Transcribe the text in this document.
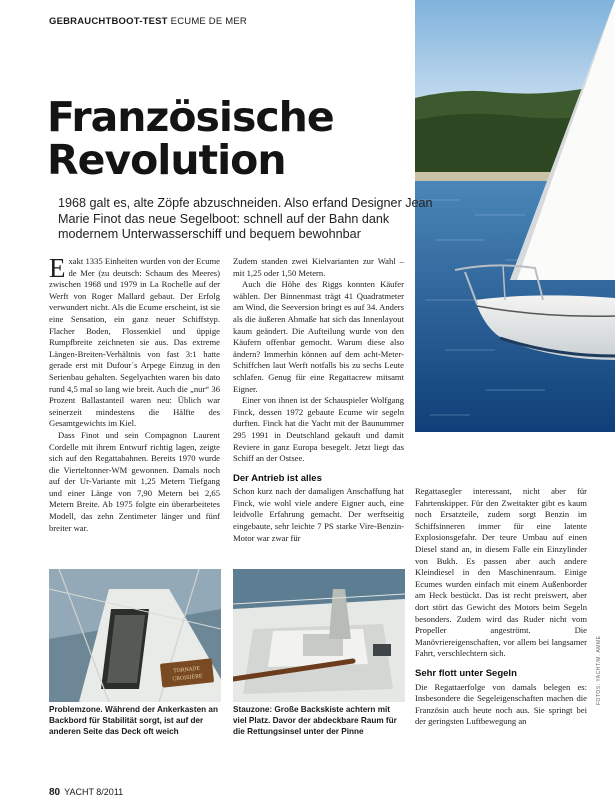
GEBRAUCHTBOOT-TEST ECUME DE MER
Französische
Revolution
1968 galt es, alte Zöpfe abzuschneiden. Also erfand Designer Jean Marie Finot das neue Segelboot: schnell auf der Bahn dank modernem Unterwasserschiff und bequem bewohnbar

Exakt 1335 Einheiten wurden von der Ecume de Mer (zu deutsch: Schaum des Meeres) zwischen 1968 und 1979 in La Rochelle auf der Werft von Roger Mallard gebaut. Der Erfolg verwundert nicht. Als die Ecume erscheint, ist sie eine Sensation, ein ganz neuer Schiffstyp. Flacher Boden, Flossenkiel und üppige Rumpfbreite zeichneten sie aus. Das extreme Längen-Breiten-Verhältnis von fast 3:1 hatte gerade erst mit Dufour´s Arpege Einzug in den Serienbau gehalten. Segelyachten waren bis dato rund 4,5 mal so lang wie breit. Auch die „nur“ 36 Prozent Ballastanteil waren neu: Üblich war seinerzeit mindestens die Hälfte des Gesamtgewichts im Kiel.

Dass Finot und sein Compagnon Laurent Cordelle mit ihrem Entwurf richtig lagen, zeigte sich auf den Regattabahnen. Bereits 1970 wurde die Vierteltonner-WM gewonnen. Damals noch auf der Ur-Variante mit 1,25 Metern Tiefgang und einer Länge von 7,90 Metern bei 2,65 Metern Breite. Ab 1975 folgte ein überarbeitetes Modell, das zehn Zentimeter länger und fünf breiter war.

Zudem standen zwei Kielvarianten zur Wahl – mit 1,25 oder 1,50 Metern.

Auch die Höhe des Riggs konnten Käufer wählen. Der Binnenmast trägt 41 Quadratmeter am Wind, die Seeversion bringt es auf 34. Anders als die äußeren Abmaße hat sich das Innenlayout kaum geändert. Die Aufteilung wurde von den Käufern offenbar gemocht. Warum diese also ändern? Immerhin können auf dem acht-Meter-Schiffchen laut Werft notfalls bis zu sechs Leute schlafen. Genug für eine Regattacrew mitsamt Eigner.

Einer von ihnen ist der Schauspieler Wolfgang Finck, dessen 1972 gebaute Ecume wir segeln durften. Finck hat die Yacht mit der Baunummer 295 1991 in Deutschland gekauft und damit Reviere in ganz Europa besegelt. Jetzt liegt das Schiff an der Ostsee.

Der Antrieb ist alles

Schon kurz nach der damaligen Anschaffung hat Finck, wie wohl viele andere Eigner auch, eine leidvolle Erfahrung gemacht. Der werftseitig eingebaute, sehr leichte 7 PS starke Vire-Benzin-Motor war zwar für

Regattasegler interessant, nicht aber für Fahrtenskipper. Für den Zweitakter gibt es kaum noch Ersatzteile, zudem sorgt Benzin im Schiffsinneren immer für eine latente Explosionsgefahr. Der teure Umbau auf einen Diesel stand an, in diesem Falle ein Einzylinder von Bukh. Es passen aber auch andere Kleindiesel in den Maschinenraum. Einige Ecumes wurden einfach mit einem Außenborder am Heck bestückt. Das ist recht preiswert, aber dort stört das Gewicht des Motors beim Segeln besonders. Zudem wird das Ruder nicht vom Propeller angeströmt. Die Manövriereigenschaften, vor allem bei langsamer Fahrt, verschlechtern sich.

Sehr flott unter Segeln

Die Regattaerfolge von damals belegen es: Insbesondere die Segeleigenschaften machen die Französin auch heute noch aus. Sie springt bei der geringsten Luftbewegung an

TORNADE
CROISIÈRE
Problemzone. Während der Ankerkasten an Backbord für Stabilität sorgt, ist auf der anderen Seite das Deck oft weich
Stauzone: Große Backskiste achtern mit viel Platz. Davor der abdeckbare Raum für die Rettungsinsel unter der Pinne
FOTOS: YACHT/M. AMME
80 YACHT 8/2011
